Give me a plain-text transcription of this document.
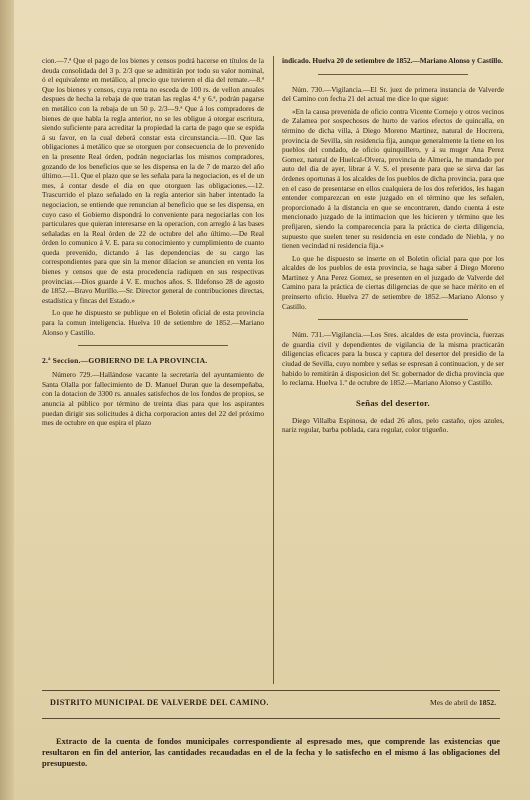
cion.—7.ª Que el pago de los bienes y censos podrá hacerse en títulos de la deuda consolidada del 3 p. 2/3 que se admitirán por todo su valor nominal, ó el equivalente en metálico, al precio que tuvieren el dia del remate.—8.ª Que los bienes y censos, cuya renta no esceda de 100 rs. de vellon anuales despues de hecha la rebaja de que tratan las reglas 4.ª y 6.ª, podrán pagarse en metálico con la rebaja de un 50 p. 2/3—9.ª Que á los compradores de bienes de que habla la regla anterior, no se les obligue á otorgar escritura, siendo suficiente para acreditar la propiedad la carta de pago que se espida á su favor, en la cual deberá constar esta circunstancia.—10. Que las obligaciones á metálico que se otorguen por consecuencia de lo prevenido en la presente Real órden, podrán negociarlas los mismos compradores, gozando de los beneficios que se les dispensa en la de 7 de marzo del año último.—11. Que el plazo que se les señala para la negociacion, es el de un mes, á contar desde el dia en que otorguen las obligaciones.—12. Trascurrido el plazo señalado en la regla anterior sin haber intentado la negociacion, se entiende que renuncian al beneficio que se les dispensa, en cuyo caso el Gobierno dispondrá lo conveniente para negociarlas con los particulares que quieran interesarse en la operacion, con arreglo á las bases señaladas en la Real órden de 22 de octubre del año último.—De Real órden lo comunico á V. E. para su conocimiento y cumplimiento de cuanto queda prevenido, dictando á las dependencias de su cargo las correspondientes para que sin la menor dilacion se anuncien en venta los bienes y censos que de esta procedencia radiquen en sus respectivas provincias.—Dios guarde á V. E. muchos años. S. Ildefonso 28 de agosto de 1852.—Bravo Murillo.—Sr. Director general de contribuciones directas, estadística y fincas del Estado.»

Lo que he dispuesto se publique en el Boletin oficial de esta provincia para la comun inteligencia. Huelva 10 de setiembre de 1852.—Mariano Alonso y Castillo.

2.ª Seccion.—GOBIERNO DE LA PROVINCIA.

Número 729.—Hallándose vacante la secretaría del ayuntamiento de Santa Olalla por fallecimiento de D. Manuel Duran que la desempeñaba, con la dotacion de 3300 rs. anuales satisfechos de los fondos de propios, se anuncia al público por término de treinta dias para que los aspirantes puedan dirigir sus solicitudes á dicha corporacion antes del 22 del próximo mes de octubre en que espira el plazo

indicado. Huelva 20 de setiembre de 1852.—Mariano Alonso y Castillo.

Núm. 730.—Vigilancia.—El Sr. juez de primera instancia de Valverde del Camino con fecha 21 del actual me dice lo que sigue:

«En la causa prevenida de oficio contra Vicente Cornejo y otros vecinos de Zalamea por sospechosos de hurto de varios efectos de quincalla, en término de dicha villa, á Diego Moreno Martinez, natural de Hocrrera, provincia de Sevilla, sin residencia fija, aunque generalmente la tiene en los pueblos del condado, de oficio quinquillero, y á su muger Ana Perez Gomez, natural de Huelcal-Olvera, provincia de Almería, he mandado por auto del dia de ayer, librar á V. S. el presente para que se sirva dar las órdenes oportunas á los alcaldes de los pueblos de dicha provincia, para que en el caso de presentarse en ellos cualquiera de los dos referidos, les hagan entender comparezcan en este juzgado en el término que les señalen, proporcionado á la distancia en que se encontraren, dando cuenta á este mencionado juzgado de la intimacion que les hicieren y término que les prefijaren, siendo la comparecencia para la práctica de cierta diligencia, supuesto que suelen tener su residencia en este condado de Niebla, y no tienen vecindad ni residencia fija.»

Lo que he dispuesto se inserte en el Boletin oficial para que por los alcaldes de los pueblos de esta provincia, se haga saber á Diego Moreno Martinez y Ana Perez Gomez, se presenten en el juzgado de Valverde del Camino para la práctica de ciertas diligencias de que se hace mérito en el preinserto oficio. Huelva 27 de setiembre de 1852.—Mariano Alonso y Castillo.

Núm. 731.—Vigilancia.—Los Sres. alcaldes de esta provincia, fuerzas de guardia civil y dependientes de vigilancia de la misma practicarán diligencias eficaces para la busca y captura del desertor del presidio de la ciudad de Sevilla, cuyo nombre y señas se espresan á continuacion, y de ser habido lo remitirán á disposicion del Sr. gobernador de dicha provincia que lo reclama. Huelva 1.º de octubre de 1852.—Mariano Alonso y Castillo.

Señas del desertor.

Diego Villalba Espinosa, de edad 26 años, pelo castaño, ojos azules, nariz regular, barba poblada, cara regular, color trigueño.

DISTRITO MUNICIPAL DE VALVERDE DEL CAMINO.	Mes de abril de 1852.
Extracto de la cuenta de fondos municipales correspondiente al espresado mes, que comprende las existencias que resultaron en fin del anterior, las cantidades recaudadas en el de la fecha y lo satisfecho en el mismo á las obligaciones del presupuesto.
